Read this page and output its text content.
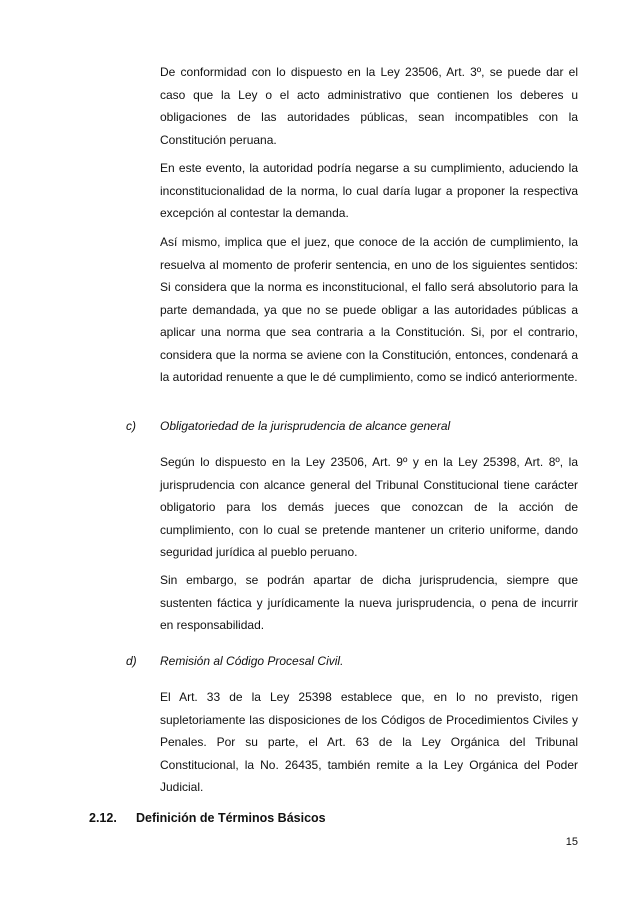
De conformidad con lo dispuesto en la Ley 23506, Art. 3º, se puede dar el caso que la Ley o el acto administrativo que contienen los deberes u obligaciones de las autoridades públicas, sean incompatibles con la Constitución peruana.

En este evento, la autoridad podría negarse a su cumplimiento, aduciendo la inconstitucionalidad de la norma, lo cual daría lugar a proponer la respectiva excepción al contestar la demanda.

Así mismo, implica que el juez, que conoce de la acción de cumplimiento, la resuelva al momento de proferir sentencia, en uno de los siguientes sentidos: Si considera que la norma es inconstitucional, el fallo será absolutorio para la parte demandada, ya que no se puede obligar a las autoridades públicas a aplicar una norma que sea contraria a la Constitución. Si, por el contrario, considera que la norma se aviene con la Constitución, entonces, condenará a la autoridad renuente a que le dé cumplimiento, como se indicó anteriormente.

c) Obligatoriedad de la jurisprudencia de alcance general

Según lo dispuesto en la Ley 23506, Art. 9º y en la Ley 25398, Art. 8º, la jurisprudencia con alcance general del Tribunal Constitucional tiene carácter obligatorio para los demás jueces que conozcan de la acción de cumplimiento, con lo cual se pretende mantener un criterio uniforme, dando seguridad jurídica al pueblo peruano.

Sin embargo, se podrán apartar de dicha jurisprudencia, siempre que sustenten fáctica y jurídicamente la nueva jurisprudencia, o pena de incurrir en responsabilidad.

d) Remisión al Código Procesal Civil.

El Art. 33 de la Ley 25398 establece que, en lo no previsto, rigen supletoriamente las disposiciones de los Códigos de Procedimientos Civiles y Penales. Por su parte, el Art. 63 de la Ley Orgánica del Tribunal Constitucional, la No. 26435, también remite a la Ley Orgánica del Poder Judicial.

2.12. Definición de Términos Básicos
15
